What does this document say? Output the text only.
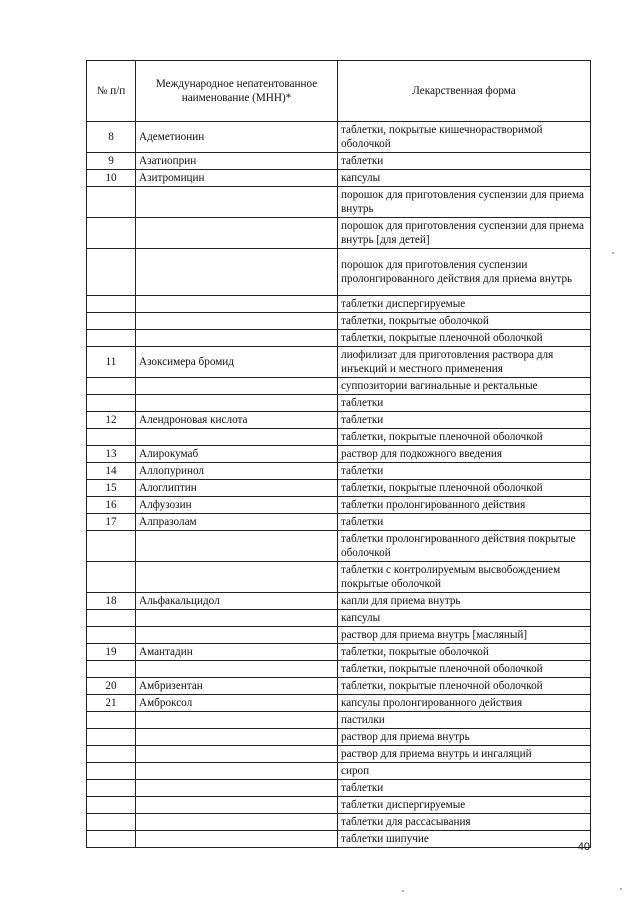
№ п/п	Международное непатентованное наименование (МНН)*	Лекарственная форма
8	Адеметионин	таблетки, покрытые кишечнорастворимой оболочкой
9	Азатиоприн	таблетки
10	Азитромицин	капсулы
		порошок для приготовления суспензии для приема внутрь
		порошок для приготовления суспензии для приема внутрь [для детей]
		порошок для приготовления суспензии пролонгированного действия для приема внутрь
		таблетки диспергируемые
		таблетки, покрытые оболочкой
		таблетки, покрытые пленочной оболочкой
11	Азоксимера бромид	лиофилизат для приготовления раствора для инъекций и местного применения
		суппозитории вагинальные и ректальные
		таблетки
12	Алендроновая кислота	таблетки
		таблетки, покрытые пленочной оболочкой
13	Алирокумаб	раствор для подкожного введения
14	Аллопуринол	таблетки
15	Алоглиптин	таблетки, покрытые пленочной оболочкой
16	Алфузозин	таблетки пролонгированного действия
17	Алпразолам	таблетки
		таблетки пролонгированного действия покрытые оболочкой
		таблетки с контролируемым высвобождением покрытые оболочкой
18	Альфакальцидол	капли для приема внутрь
		капсулы
		раствор для приема внутрь [масляный]
19	Амантадин	таблетки, покрытые оболочкой
		таблетки, покрытые пленочной оболочкой
20	Амбризентан	таблетки, покрытые пленочной оболочкой
21	Амброксол	капсулы пролонгированного действия
		пастилки
		раствор для приема внутрь
		раствор для приема внутрь и ингаляций
		сироп
		таблетки
		таблетки диспергируемые
		таблетки для рассасывания
		таблетки шипучие
40
